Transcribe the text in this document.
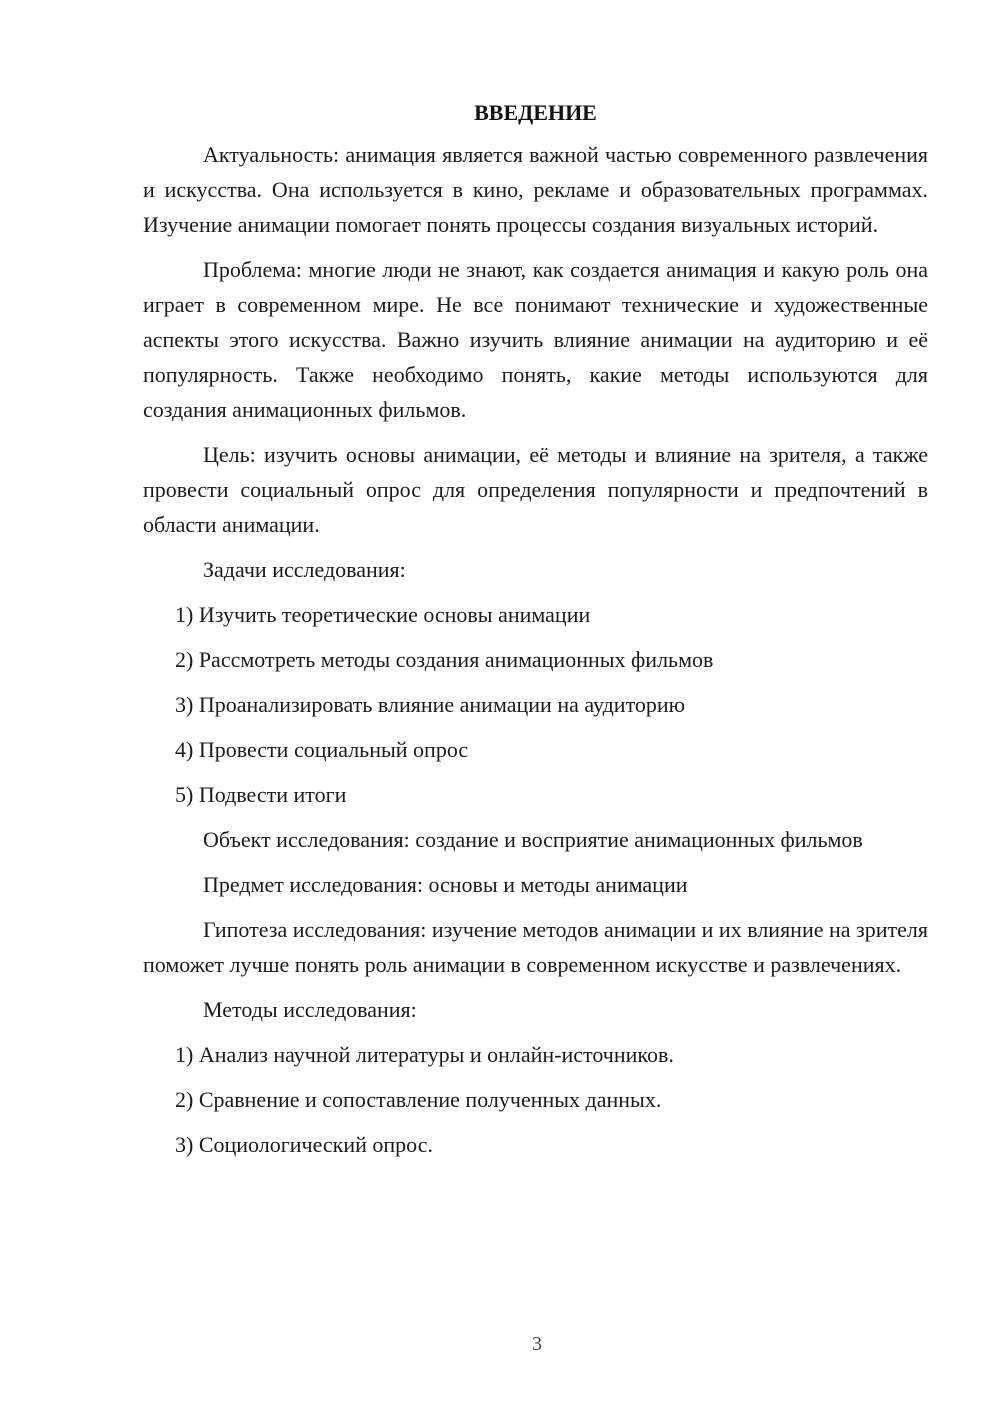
ВВЕДЕНИЕ

Актуальность: анимация является важной частью современного развлечения и искусства. Она используется в кино, рекламе и образовательных программах. Изучение анимации помогает понять процессы создания визуальных историй.

Проблема: многие люди не знают, как создается анимация и какую роль она играет в современном мире. Не все понимают технические и художественные аспекты этого искусства. Важно изучить влияние анимации на аудиторию и её популярность. Также необходимо понять, какие методы используются для создания анимационных фильмов.

Цель: изучить основы анимации, её методы и влияние на зрителя, а также провести социальный опрос для определения популярности и предпочтений в области анимации.

Задачи исследования:

1) Изучить теоретические основы анимации
2) Рассмотреть методы создания анимационных фильмов
3) Проанализировать влияние анимации на аудиторию
4) Провести социальный опрос
5) Подвести итоги

Объект исследования: создание и восприятие анимационных фильмов

Предмет исследования: основы и методы анимации

Гипотеза исследования: изучение методов анимации и их влияние на зрителя поможет лучше понять роль анимации в современном искусстве и развлечениях.

Методы исследования:

1) Анализ научной литературы и онлайн-источников.
2) Сравнение и сопоставление полученных данных.
3) Социологический опрос.
3
